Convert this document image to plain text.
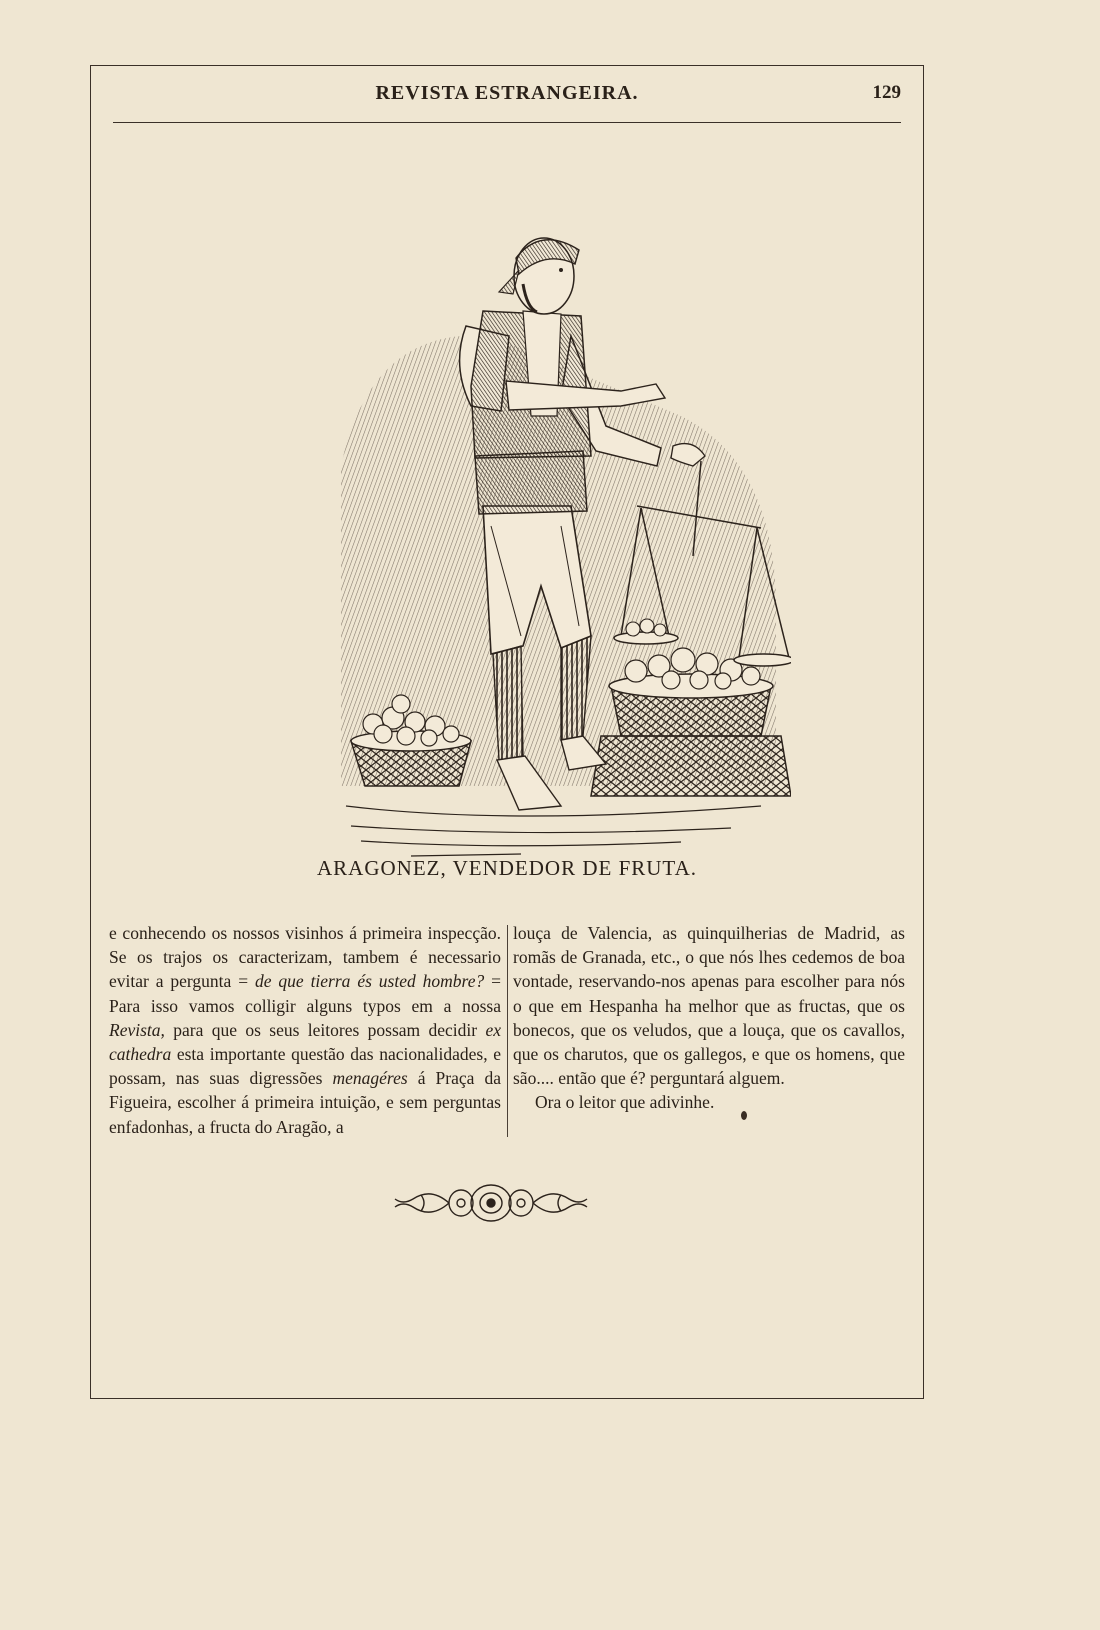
REVISTA ESTRANGEIRA.	129
ARAGONEZ, VENDEDOR DE FRUTA.

e conhecendo os nossos visinhos á primeira inspecção. Se os trajos os caracterizam, tambem é necessario evitar a pergunta = de que tierra és usted hombre? = Para isso vamos colligir alguns typos em a nossa Revista, para que os seus leitores possam decidir ex cathedra esta importante questão das nacionalidades, e possam, nas suas digressões menagéres á Praça da Figueira, escolher á primeira intuição, e sem perguntas enfadonhas, a fructa do Aragão, a

louça de Valencia, as quinquilherias de Madrid, as romãs de Granada, etc., o que nós lhes cedemos de boa vontade, reservando-nos apenas para escolher para nós o que em Hespanha ha melhor que as fructas, que os bonecos, que os veludos, que a louça, que os cavallos, que os charutos, que os gallegos, e que os homens, que são.... então que é? perguntará alguem.

Ora o leitor que adivinhe.
